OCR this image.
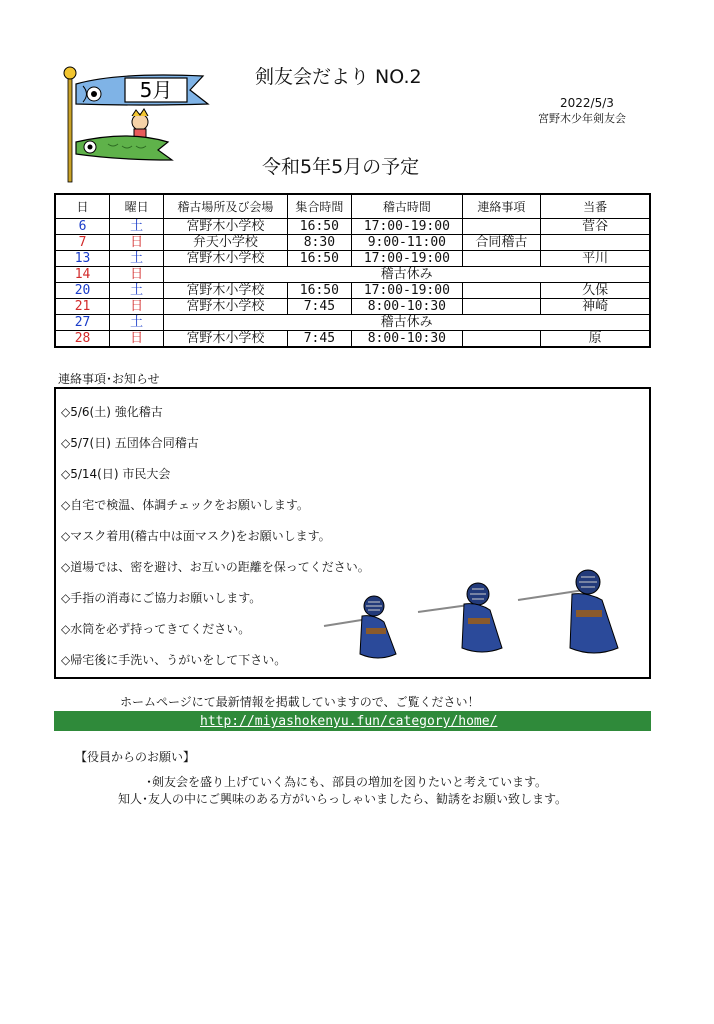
5月
剣友会だより NO.2
2022/5/3
宮野木少年剣友会
令和5年5月の予定
日	曜日	稽古場所及び会場	集合時間	稽古時間	連絡事項	当番
6	土	宮野木小学校	16:50	17:00-19:00		菅谷
7	日	弁天小学校	8:30	9:00-11:00	合同稽古	
13	土	宮野木小学校	16:50	17:00-19:00		平川
14	日	稽古休み				
20	土	宮野木小学校	16:50	17:00-19:00		久保
21	日	宮野木小学校	7:45	8:00-10:30		神崎
27	土	稽古休み				
28	日	宮野木小学校	7:45	8:00-10:30		原
連絡事項･お知らせ
◇5/6(土) 強化稽古
◇5/7(日) 五団体合同稽古
◇5/14(日) 市民大会
◇自宅で検温、体調チェックをお願いします。
◇マスク着用(稽古中は面マスク)をお願いします。
◇道場では、密を避け、お互いの距離を保ってください。
◇手指の消毒にご協力お願いします。
◇水筒を必ず持ってきてください。
◇帰宅後に手洗い、うがいをして下さい。
ホームページにて最新情報を掲載していますので、ご覧ください！
http://miyashokenyu.fun/category/home/
【役員からのお願い】
･剣友会を盛り上げていく為にも、部員の増加を図りたいと考えています。
知人･友人の中にご興味のある方がいらっしゃいましたら、勧誘をお願い致します。
